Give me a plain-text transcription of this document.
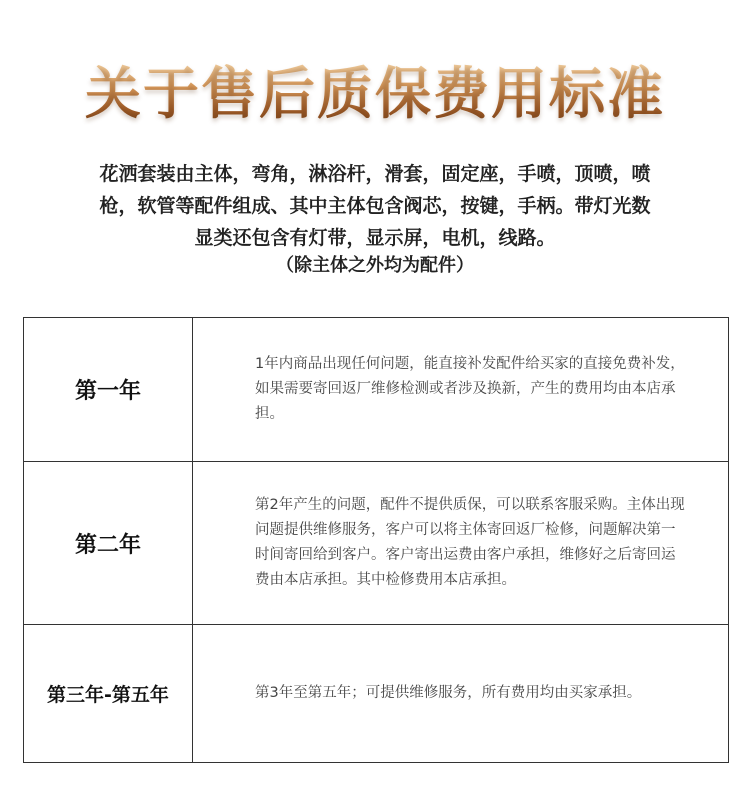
关于售后质保费用标准

花洒套装由主体，弯角，淋浴杆，滑套，固定座，手喷，顶喷，喷

枪，软管等配件组成、其中主体包含阀芯，按键，手柄。带灯光数

显类还包含有灯带，显示屏，电机，线路。

（除主体之外均为配件）
第一年	1年内商品出现任何问题，能直接补发配件给买家的直接免费补发，如果需要寄回返厂维修检测或者涉及换新，产生的费用均由本店承担。
第二年	第2年产生的问题，配件不提供质保，可以联系客服采购。主体出现问题提供维修服务，客户可以将主体寄回返厂检修，问题解决第一时间寄回给到客户。客户寄出运费由客户承担，维修好之后寄回运费由本店承担。其中检修费用本店承担。
第三年-第五年	第3年至第五年；可提供维修服务，所有费用均由买家承担。
